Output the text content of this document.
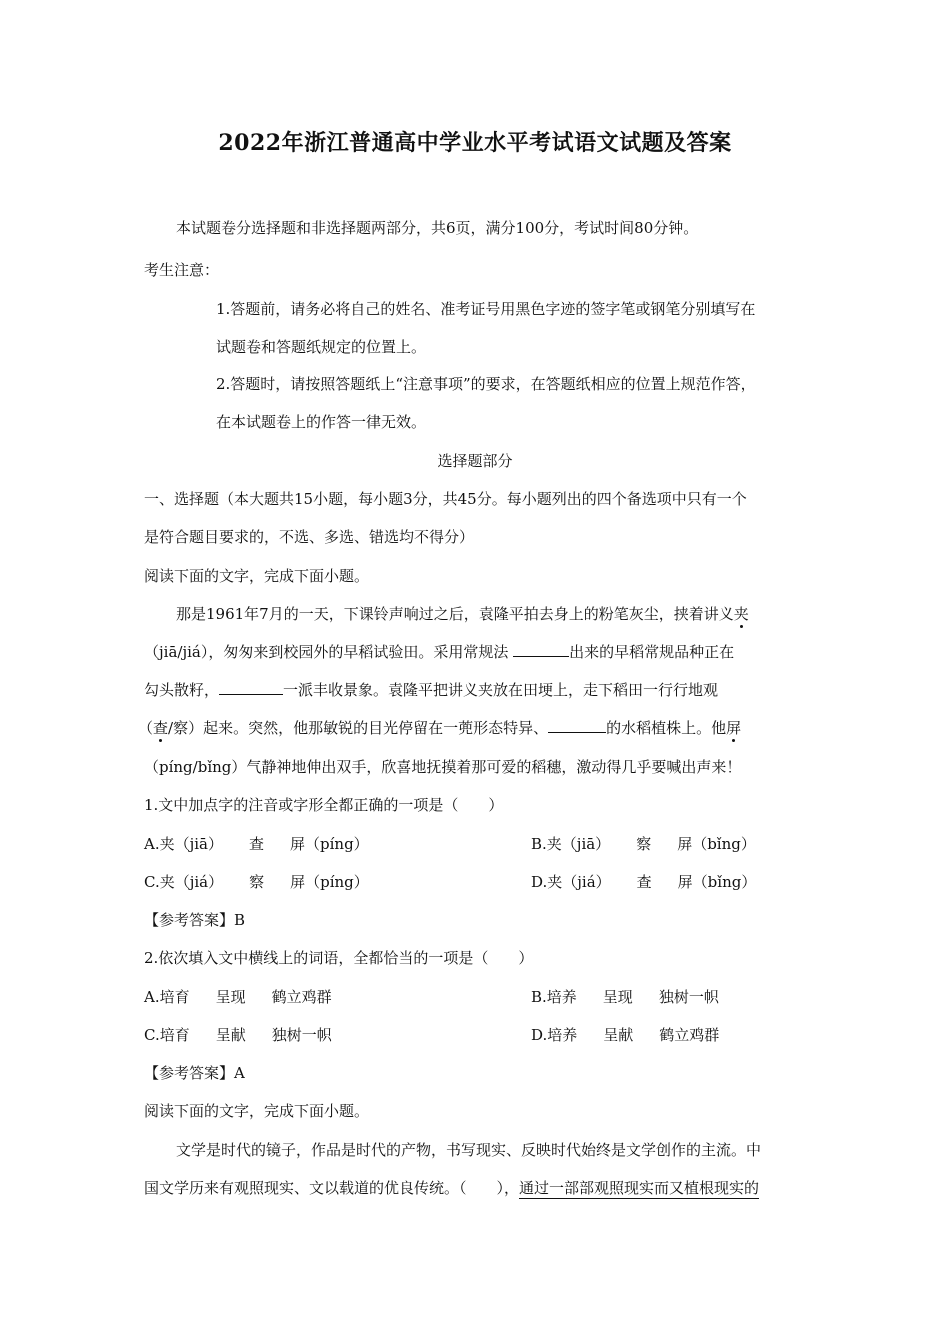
2022年浙江普通高中学业水平考试语文试题及答案
本试题卷分选择题和非选择题两部分，共6页，满分100分，考试时间80分钟。
考生注意：
1.答题前，请务必将自己的姓名、准考证号用黑色字迹的签字笔或钢笔分别填写在
试题卷和答题纸规定的位置上。
2.答题时，请按照答题纸上“注意事项”的要求，在答题纸相应的位置上规范作答，
在本试题卷上的作答一律无效。
选择题部分
一、选择题（本大题共15小题，每小题3分，共45分。每小题列出的四个备选项中只有一个
是符合题目要求的，不选、多选、错选均不得分）
阅读下面的文字，完成下面小题。
那是1961年7月的一天，下课铃声响过之后，袁隆平拍去身上的粉笔灰尘，挟着讲义夹
（jiā/jiá），匆匆来到校园外的早稻试验田。采用常规法	出来的早稻常规品种正在
勾头散籽，	一派丰收景象。袁隆平把讲义夹放在田埂上，走下稻田一行行地观
（查/察）起来。突然，他那敏锐的目光停留在一蔸形态特异、	的水稻植株上。他屏
（píng/bǐng）气静神地伸出双手，欣喜地抚摸着那可爱的稻穗，激动得几乎要喊出声来！
1.文中加点字的注音或字形全都正确的一项是（　　）
A.夹（jiā） 查 屏（píng）	B.夹（jiā） 察 屏（bǐng）
C.夹（jiá） 察 屏（píng）	D.夹（jiá） 查 屏（bǐng）
【参考答案】B
2.依次填入文中横线上的词语，全都恰当的一项是（　　）
A.培育 呈现 鹤立鸡群	B.培养 呈现 独树一帜
C.培育 呈献 独树一帜	D.培养 呈献 鹤立鸡群
【参考答案】A
阅读下面的文字，完成下面小题。
文学是时代的镜子，作品是时代的产物，书写现实、反映时代始终是文学创作的主流。中
国文学历来有观照现实、文以载道的优良传统。（　　），通过一部部观照现实而又植根现实的
